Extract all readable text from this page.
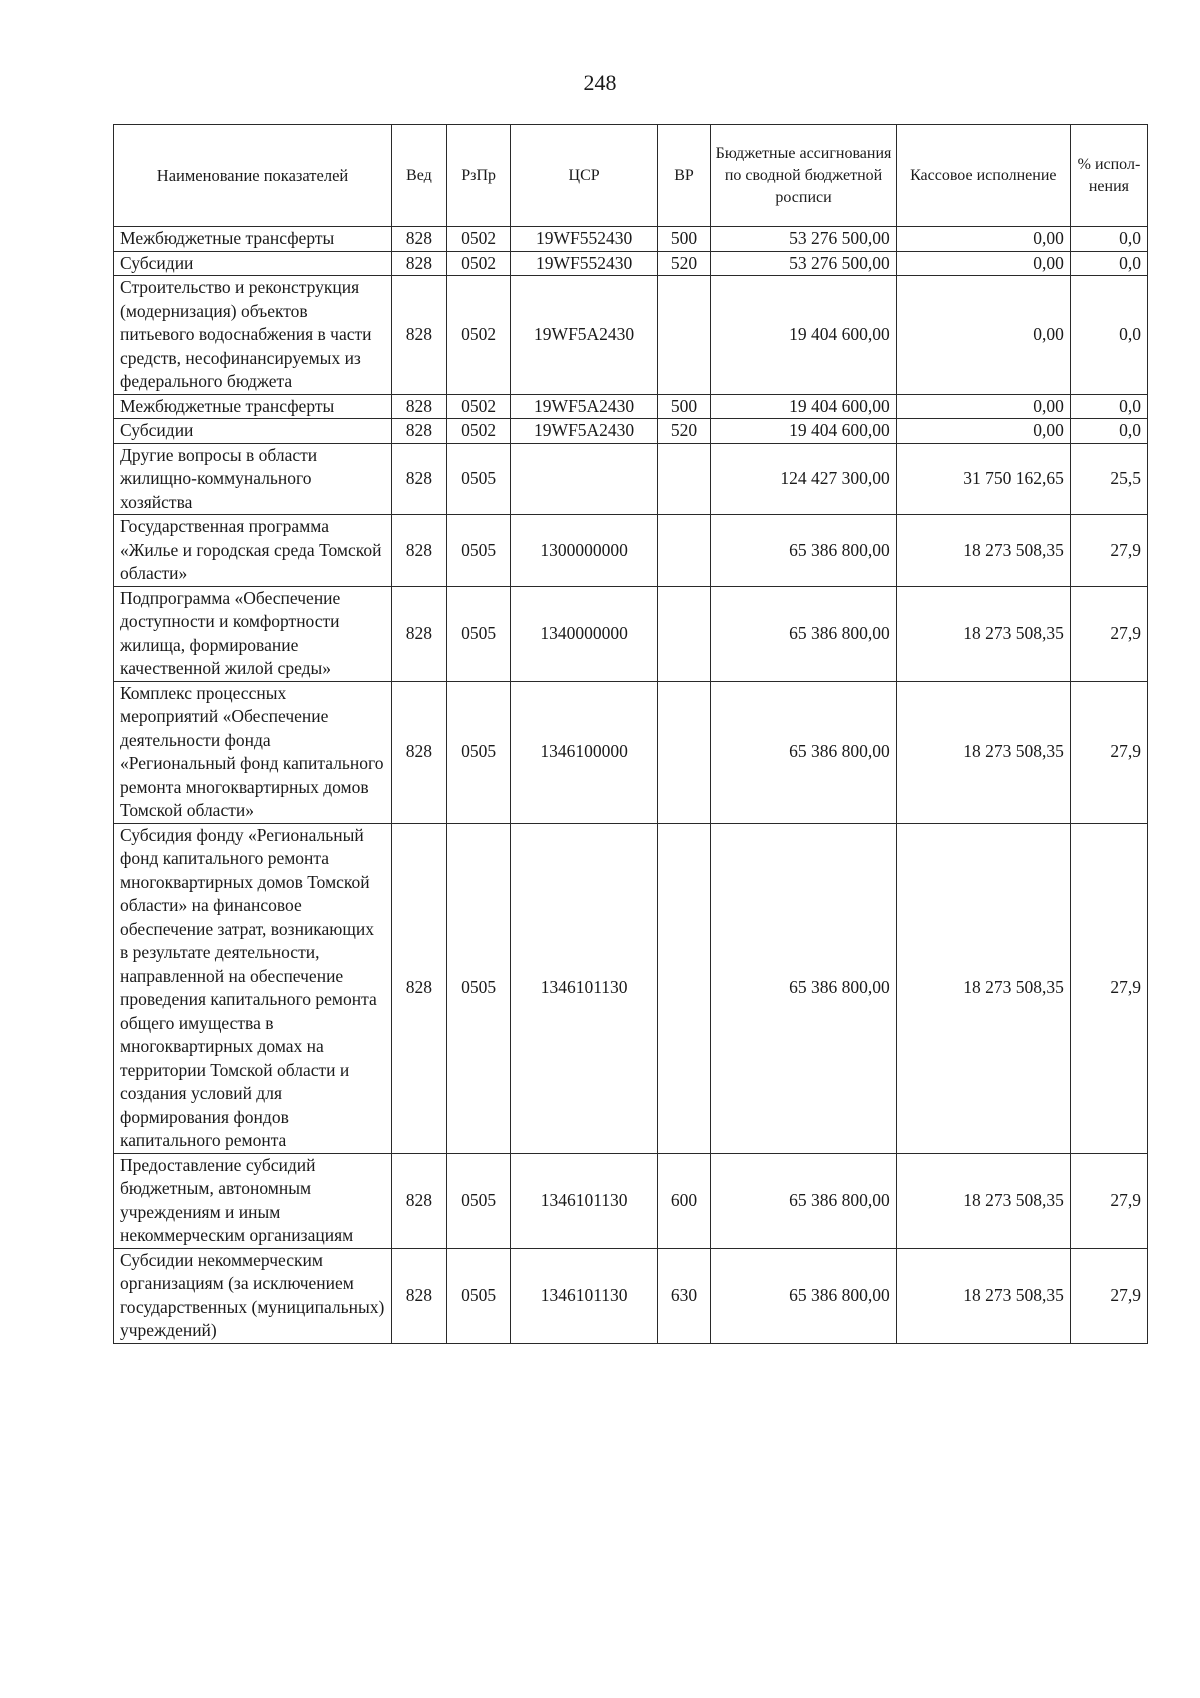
248
Наименование показателей	Вед	РзПр	ЦСР	ВР	Бюджетные ассигнования по сводной бюджетной росписи	Кассовое исполнение	% испол-нения
Межбюджетные трансферты	828	0502	19WF552430	500	53 276 500,00	0,00	0,0
Субсидии	828	0502	19WF552430	520	53 276 500,00	0,00	0,0
Строительство и реконструкция (модернизация) объектов питьевого водоснабжения в части средств, несофинансируемых из федерального бюджета	828	0502	19WF5A2430		19 404 600,00	0,00	0,0
Межбюджетные трансферты	828	0502	19WF5A2430	500	19 404 600,00	0,00	0,0
Субсидии	828	0502	19WF5A2430	520	19 404 600,00	0,00	0,0
Другие вопросы в области жилищно-коммунального хозяйства	828	0505			124 427 300,00	31 750 162,65	25,5
Государственная программа «Жилье и городская среда Томской области»	828	0505	1300000000		65 386 800,00	18 273 508,35	27,9
Подпрограмма «Обеспечение доступности и комфортности жилища, формирование качественной жилой среды»	828	0505	1340000000		65 386 800,00	18 273 508,35	27,9
Комплекс процессных мероприятий «Обеспечение деятельности фонда «Региональный фонд капитального ремонта многоквартирных домов Томской области»	828	0505	1346100000		65 386 800,00	18 273 508,35	27,9
Субсидия фонду «Региональный фонд капитального ремонта многоквартирных домов Томской области» на финансовое обеспечение затрат, возникающих в результате деятельности, направленной на обеспечение проведения капитального ремонта общего имущества в многоквартирных домах на территории Томской области и создания условий для формирования фондов капитального ремонта	828	0505	1346101130		65 386 800,00	18 273 508,35	27,9
Предоставление субсидий бюджетным, автономным учреждениям и иным некоммерческим организациям	828	0505	1346101130	600	65 386 800,00	18 273 508,35	27,9
Субсидии некоммерческим организациям (за исключением государственных (муниципальных) учреждений)	828	0505	1346101130	630	65 386 800,00	18 273 508,35	27,9
